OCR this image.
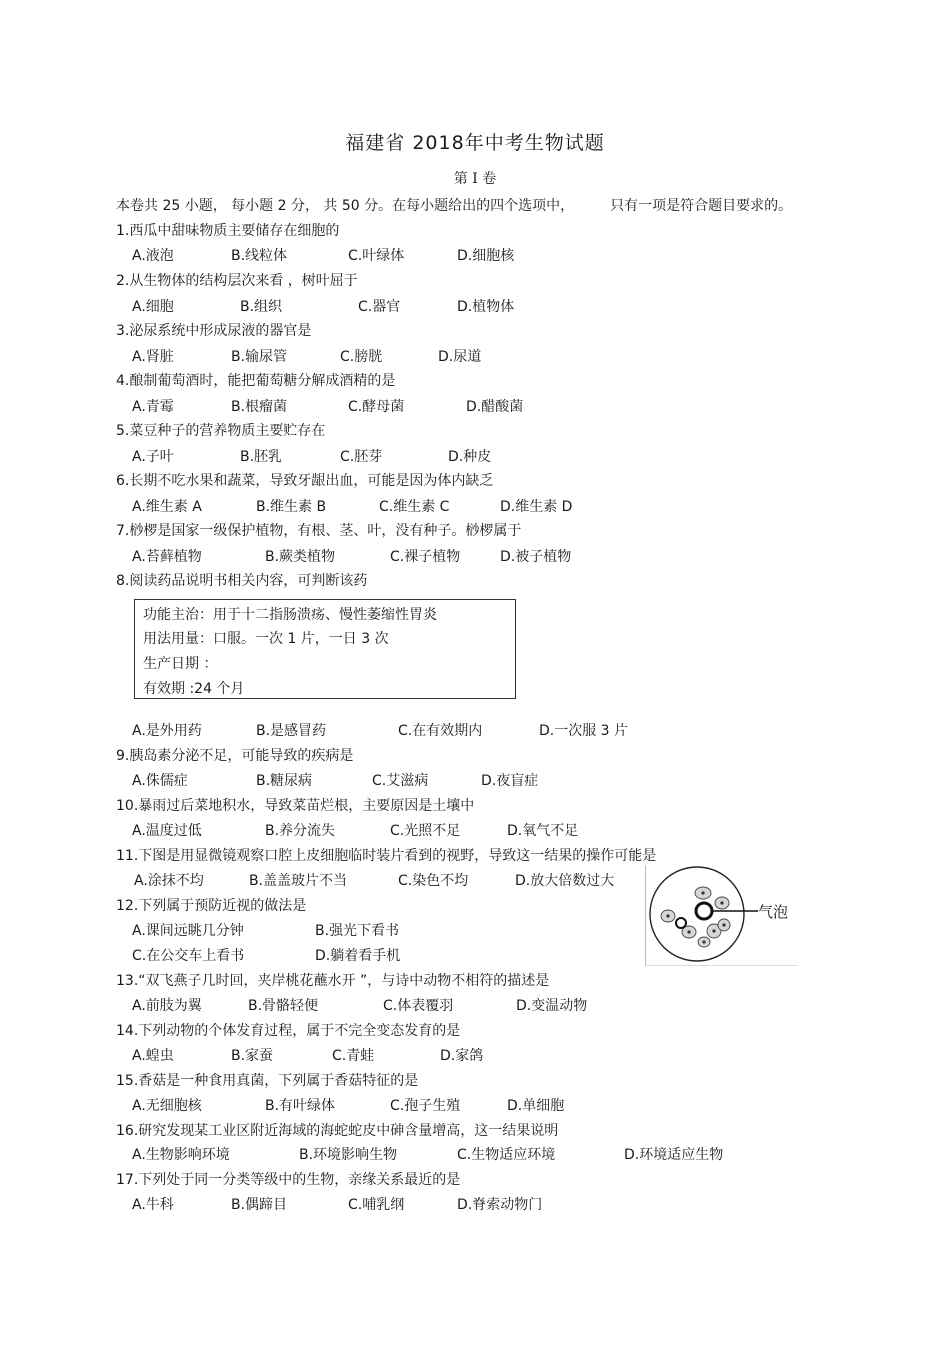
福建省 2018年中考生物试题
第 I 卷
本卷共 25 小题， 每小题 2 分， 共 50 分。在每小题给出的四个选项中，	只有一项是符合题目要求的。
1.西瓜中甜味物质主要储存在细胞的
A.液泡	B.线粒体	C.叶绿体	D.细胞核
2.从生物体的结构层次来看 ，树叶屈于
A.细胞	B.组织	C.器官	D.植物体
3.泌尿系统中形成尿液的器官是
A.肾脏	B.输尿管	C.膀胱	D.尿道
4.酿制葡萄酒时，能把葡萄糖分解成酒精的是
A.青霉	B.根瘤菌	C.酵母菌	D.醋酸菌
5.菜豆种子的营养物质主要贮存在
A.子叶	B.胚乳	C.胚芽	D.种皮
6.长期不吃水果和蔬菜，导致牙龈出血，可能是因为体内缺乏
A.维生素 A	B.维生素 B	C.维生素 C	D.维生素 D
7.桫椤是国家一级保护植物，有根、茎、叶，没有种子。桫椤属于
A.苔藓植物	B.蕨类植物	C.裸子植物	D.被子植物
8.阅读药品说明书相关内容，可判断该药
功能主治：用于十二指肠溃疡、慢性萎缩性胃炎
用法用量：口服。一次 1 片，一日 3 次
生产日期 ：
有效期 :24 个月
A.是外用药	B.是感冒药	C.在有效期内	D.一次服 3 片
9.胰岛素分泌不足，可能导致的疾病是
A.侏儒症	B.糖尿病	C.艾滋病	D.夜盲症
10.暴雨过后菜地积水，导致菜苗烂根，主要原因是土壤中
A.温度过低	B.养分流失	C.光照不足	D.氧气不足
11.下图是用显微镜观察口腔上皮细胞临时装片看到的视野，导致这一结果的操作可能是
A.涂抹不均	B.盖盖玻片不当	C.染色不均	D.放大倍数过大
气泡
12.下列属于预防近视的做法是
A.课间远眺几分钟	B.强光下看书
C.在公交车上看书	D.躺着看手机
13.“双飞燕子几时回，夹岸桃花蘸水开 ”，与诗中动物不相符的描述是
A.前肢为翼	B.骨骼轻便	C.体表覆羽	D.变温动物
14.下列动物的个体发育过程，属于不完全变态发育的是
A.蝗虫	B.家蚕	C.青蛙	D.家鸽
15.香菇是一种食用真菌，下列属于香菇特征的是
A.无细胞核	B.有叶绿体	C.孢子生殖	D.单细胞
16.研究发现某工业区附近海域的海蛇蛇皮中砷含量增高，这一结果说明
A.生物影响环境	B.环境影响生物	C.生物适应环境	D.环境适应生物
17.下列处于同一分类等级中的生物，亲缘关系最近的是
A.牛科	B.偶蹄目	C.哺乳纲	D.脊索动物门
